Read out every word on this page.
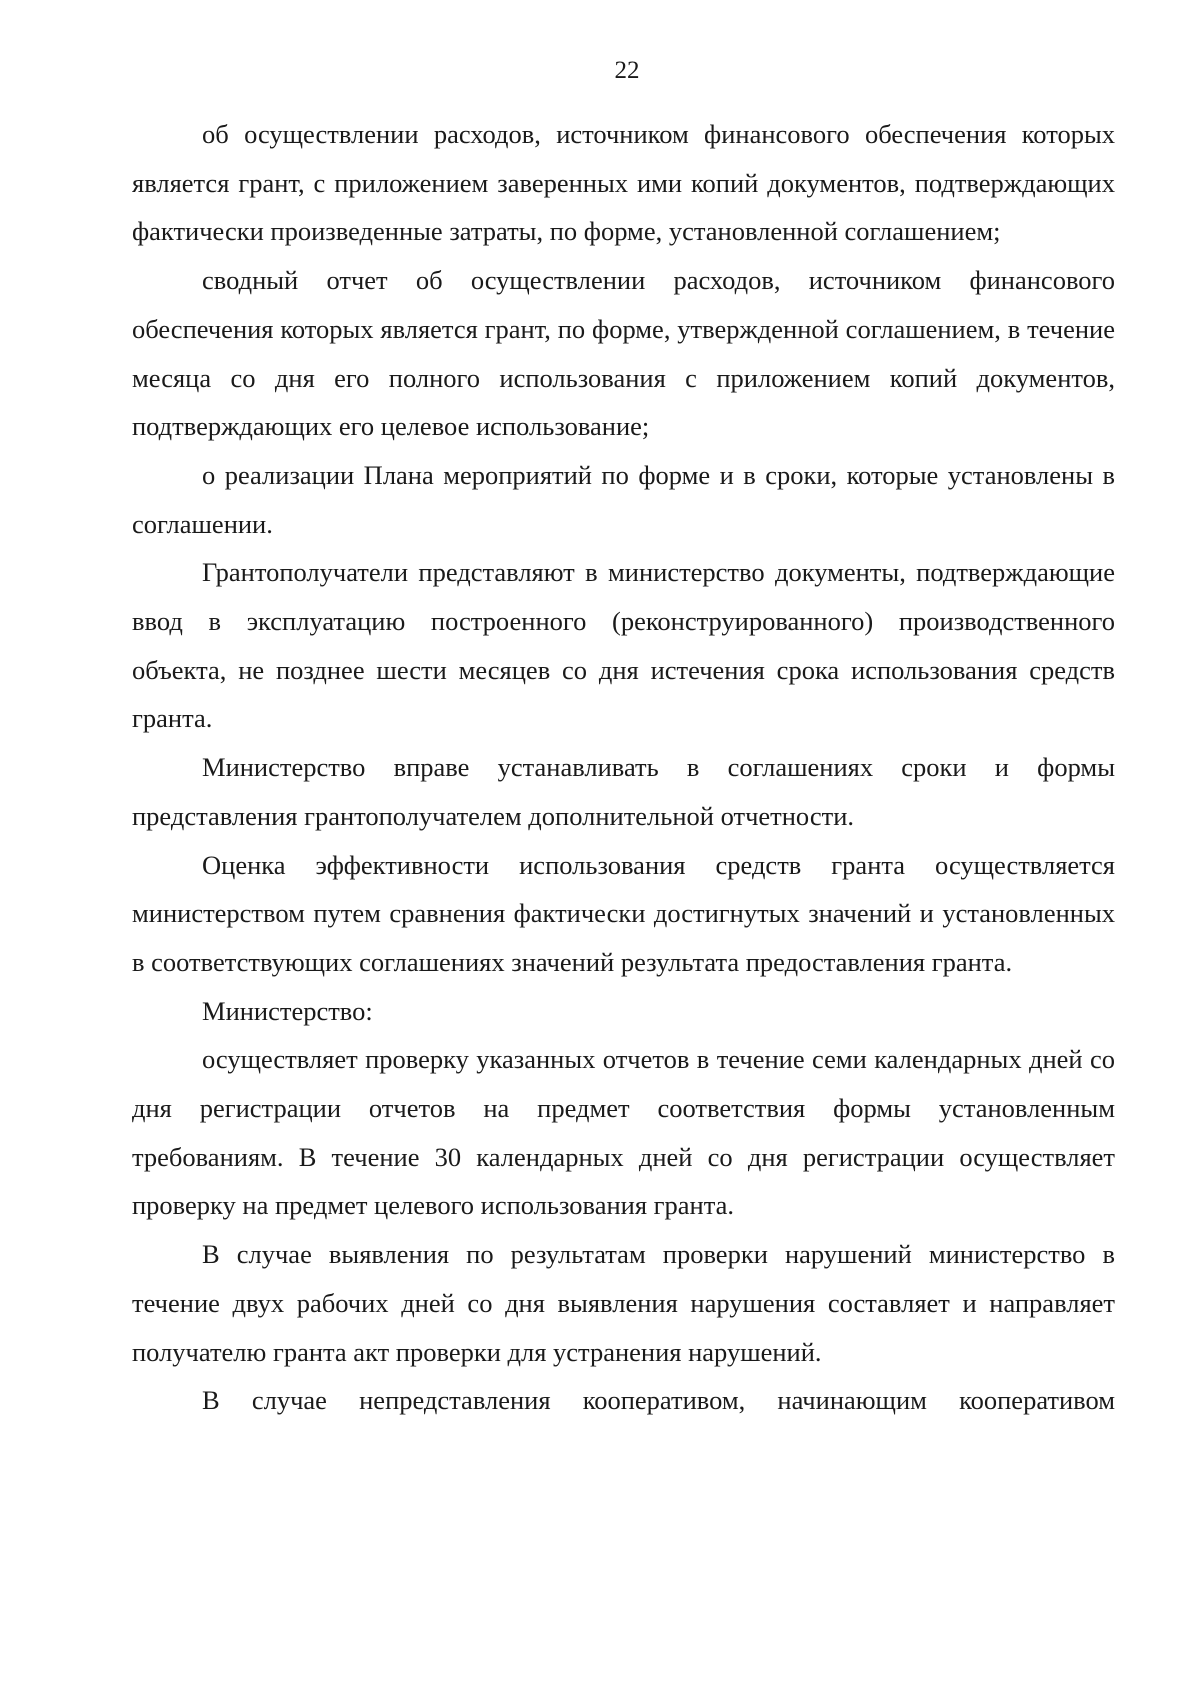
22

об осуществлении расходов, источником финансового обеспечения которых является грант, с приложением заверенных ими копий документов, подтверждающих фактически произведенные затраты, по форме, установленной соглашением;

сводный отчет об осуществлении расходов, источником финансового обеспечения которых является грант, по форме, утвержденной соглашением, в течение месяца со дня его полного использования с приложением копий документов, подтверждающих его целевое использование;

о реализации Плана мероприятий по форме и в сроки, которые установлены в соглашении.

Грантополучатели представляют в министерство документы, подтверждающие ввод в эксплуатацию построенного (реконструированного) производственного объекта, не позднее шести месяцев со дня истечения срока использования средств гранта.

Министерство вправе устанавливать в соглашениях сроки и формы представления грантополучателем дополнительной отчетности.

Оценка эффективности использования средств гранта осуществляется министерством путем сравнения фактически достигнутых значений и установленных в соответствующих соглашениях значений результата предоставления гранта.

Министерство:

осуществляет проверку указанных отчетов в течение семи календарных дней со дня регистрации отчетов на предмет соответствия формы установленным требованиям. В течение 30 календарных дней со дня регистрации осуществляет проверку на предмет целевого использования гранта.

В случае выявления по результатам проверки нарушений министерство в течение двух рабочих дней со дня выявления нарушения составляет и направляет получателю гранта акт проверки для устранения нарушений.

В случае непредставления кооперативом, начинающим кооперативом
